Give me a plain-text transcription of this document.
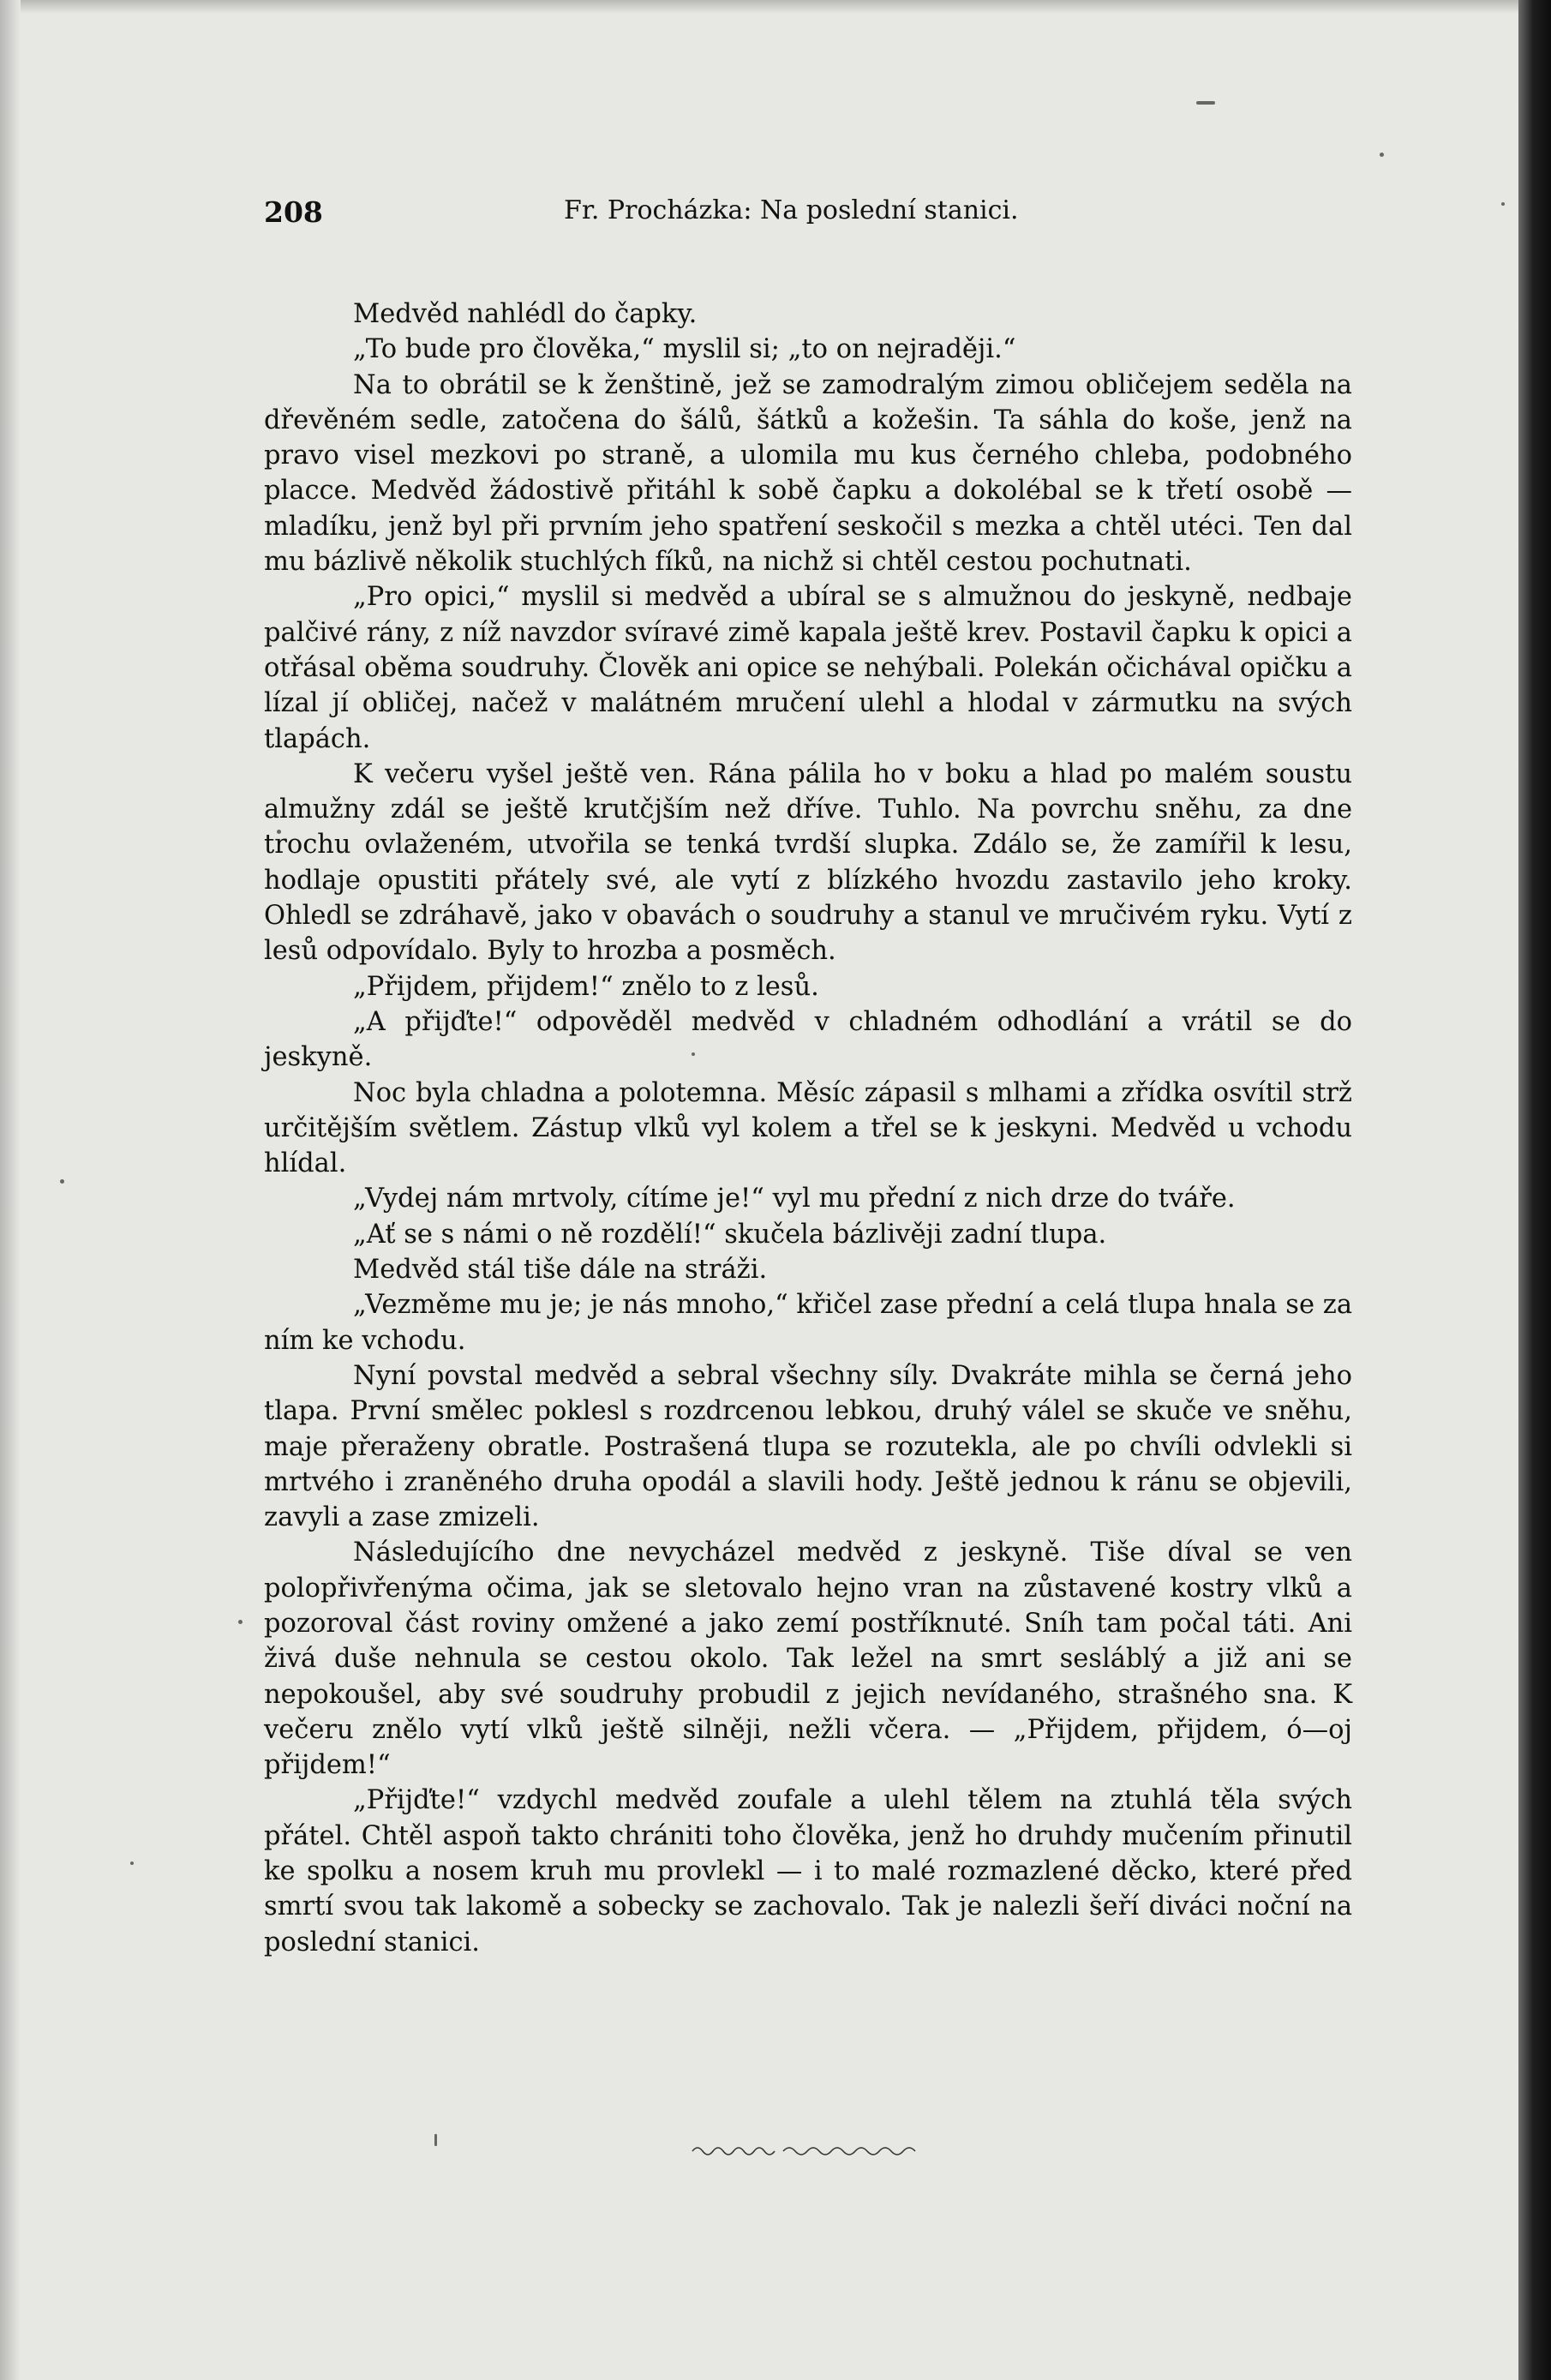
208	Fr. Procházka: Na poslední stanici.

Medvěd nahlédl do čapky.

„To bude pro člověka,“ myslil si; „to on nejraději.“

Na to obrátil se k ženštině, jež se zamodralým zimou obličejem seděla na dřevěném sedle, zatočena do šálů, šátků a kožešin. Ta sáhla do koše, jenž na pravo visel mezkovi po straně, a ulomila mu kus černého chleba, podobného placce. Medvěd žádostivě přitáhl k sobě čapku a dokolébal se k třetí osobě — mladíku, jenž byl při prvním jeho spatření seskočil s mezka a chtěl utéci. Ten dal mu bázlivě několik stuchlých fíků, na nichž si chtěl cestou pochutnati.

„Pro opici,“ myslil si medvěd a ubíral se s almužnou do jeskyně, nedbaje palčivé rány, z níž navzdor svíravé zimě kapala ještě krev. Postavil čapku k opici a otřásal oběma soudruhy. Člověk ani opice se nehýbali. Polekán očichával opičku a lízal jí obličej, načež v malátném mručení ulehl a hlodal v zármutku na svých tlapách.

K večeru vyšel ještě ven. Rána pálila ho v boku a hlad po malém soustu almužny zdál se ještě krutčjším než dříve. Tuhlo. Na povrchu sněhu, za dne trochu ovlaženém, utvořila se tenká tvrdší slupka. Zdálo se, že zamířil k lesu, hodlaje opustiti přátely své, ale vytí z blízkého hvozdu zastavilo jeho kroky. Ohledl se zdráhavě, jako v obavách o soudruhy a stanul ve mručivém ryku. Vytí z lesů odpovídalo. Byly to hrozba a posměch.

„Přijdem, přijdem!“ znělo to z lesů.

„A přijďte!“ odpověděl medvěd v chladném odhodlání a vrátil se do jeskyně.

Noc byla chladna a polotemna. Měsíc zápasil s mlhami a zřídka osvítil strž určitějším světlem. Zástup vlků vyl kolem a třel se k jeskyni. Medvěd u vchodu hlídal.

„Vydej nám mrtvoly, cítíme je!“ vyl mu přední z nich drze do tváře.

„Ať se s námi o ně rozdělí!“ skučela bázlivěji zadní tlupa.

Medvěd stál tiše dále na stráži.

„Vezměme mu je; je nás mnoho,“ křičel zase přední a celá tlupa hnala se za ním ke vchodu.

Nyní povstal medvěd a sebral všechny síly. Dvakráte mihla se černá jeho tlapa. První smělec poklesl s rozdrcenou lebkou, druhý válel se skuče ve sněhu, maje přeraženy obratle. Postrašená tlupa se rozutekla, ale po chvíli odvlekli si mrtvého i zraněného druha opodál a slavili hody. Ještě jednou k ránu se objevili, zavyli a zase zmizeli.

Následujícího dne nevycházel medvěd z jeskyně. Tiše díval se ven polopřivřenýma očima, jak se sletovalo hejno vran na zůstavené kostry vlků a pozoroval část roviny omžené a jako zemí postříknuté. Sníh tam počal táti. Ani živá duše nehnula se cestou okolo. Tak ležel na smrt sesláblý a již ani se nepokoušel, aby své soudruhy probudil z jejich nevídaného, strašného sna. K večeru znělo vytí vlků ještě silněji, nežli včera. — „Přijdem, přijdem, ó—oj přijdem!“

„Přijďte!“ vzdychl medvěd zoufale a ulehl tělem na ztuhlá těla svých přátel. Chtěl aspoň takto chrániti toho člověka, jenž ho druhdy mučením přinutil ke spolku a nosem kruh mu provlekl — i to malé rozmazlené děcko, které před smrtí svou tak lakomě a sobecky se zachovalo. Tak je nalezli šeří diváci noční na poslední stanici.
